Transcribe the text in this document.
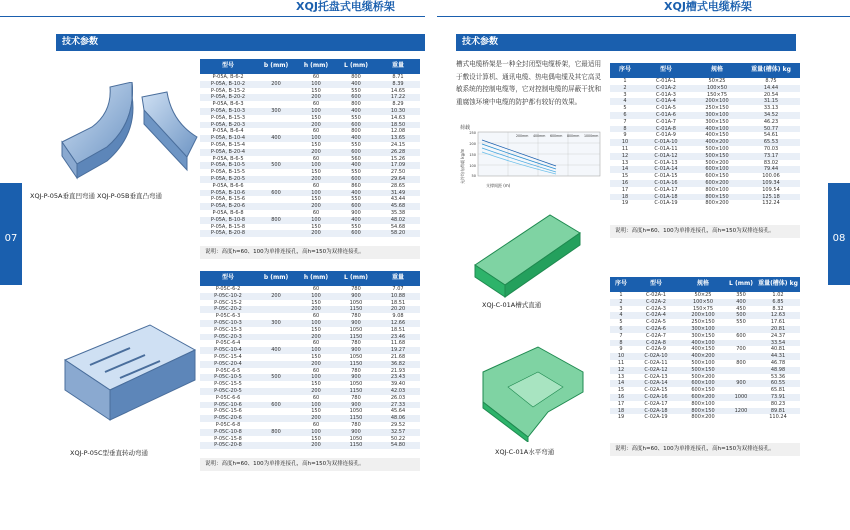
XQJ托盘式电缆桥架
技术参数
07
XQJ-P-05A垂直凹弯通 XQJ-P-05B垂直凸弯通
XQJ-P-05C型垂直转动弯通
型号	b (mm)	h (mm)	L (mm)	重量
P-05A, B-6-2		60	800	8.71
P-05A, B-10-2	200	100	400	8.39
P-05A, B-15-2		150	550	14.65
P-05A, B-20-2		200	600	17.22
P-05A, B-6-3		60	800	8.29
P-05A, B-10-3	300	100	400	10.30
P-05A, B-15-3		150	550	14.63
P-05A, B-20-3		200	600	18.50
P-05A, B-6-4		60	800	12.08
P-05A, B-10-4	400	100	400	13.65
P-05A, B-15-4		150	550	24.15
P-05A, B-20-4		200	600	26.28
P-05A, B-6-5		60	560	15.26
P-05A, B-10-5	500	100	400	17.09
P-05A, B-15-5		150	550	27.50
P-05A, B-20-5		200	600	29.64
P-05A, B-6-6		60	860	28.65
P-05A, B-10-6	600	100	400	31.49
P-05A, B-15-6		150	550	43.44
P-05A, B-20-6		200	600	45.68
P-05A, B-6-8		60	900	35.38
P-05A, B-10-8	800	100	400	48.02
P-05A, B-15-8		150	550	54.68
P-05A, B-20-8		200	600	58.20
说明：高度h=60、100为单排连接孔，高h=150为双排连接孔。
型号	b (mm)	h (mm)	L (mm)	重量
P-05C-6-2		60	780	7.07
P-05C-10-2	200	100	900	10.88
P-05C-15-2		150	1050	18.51
P-05C-20-2		200	1150	20.20
P-05C-6-3		60	780	9.08
P-05C-10-3	300	100	900	12.66
P-05C-15-3		150	1050	18.51
P-05C-20-3		200	1150	23.46
P-05C-6-4		60	780	11.68
P-05C-10-4	400	100	900	19.27
P-05C-15-4		150	1050	21.68
P-05C-20-4		200	1150	36.82
P-05C-6-5		60	780	21.93
P-05C-10-5	500	100	900	23.43
P-05C-15-5		150	1050	39.40
P-05C-20-5		200	1150	42.03
P-05C-6-6		60	780	26.03
P-05C-10-6	600	100	900	27.33
P-05C-15-6		150	1050	45.64
P-05C-20-6		200	1150	48.06
P-05C-6-8		60	780	29.52
P-05C-10-8	800	100	900	32.57
P-05C-15-8		150	1050	50.22
P-05C-20-8		200	1150	54.80
说明：高度h=60、100为单排连接孔，高h=150为双排连接孔。
XQJ槽式电缆桥架
技术参数
08
槽式电缆桥架是一种全封闭型电缆桥架，它最适用于敷设计算机、通讯电缆、热电偶电缆及其它高灵敏系统的控制电缆等，它对控制电缆的屏蔽干扰和重腐蚀环境中电缆的防护都有较好的效果。
荷载
允许均布荷载 kg/m
250
200
150
100
50
200mm 400mm 600mm 800mm 1000mm
支撑间距 (m)
XQJ-C-01A槽式直通
XQJ-C-01A水平弯通
序号	型号	规格	重量(槽体) kg
1	C-01A-1	50×25	8.75
2	C-01A-2	100×50	14.44
3	C-01A-3	150×75	20.54
4	C-01A-4	200×100	31.15
5	C-01A-5	250×150	33.13
6	C-01A-6	300×100	34.52
7	C-01A-7	300×150	46.23
8	C-01A-8	400×100	50.77
9	C-01A-9	400×150	54.61
10	C-01A-10	400×200	65.53
11	C-01A-11	500×100	70.03
12	C-01A-12	500×150	73.17
13	C-01A-13	500×200	83.02
14	C-01A-14	600×100	79.44
15	C-01A-15	600×150	100.06
16	C-01A-16	600×200	109.34
17	C-01A-17	800×100	109.54
18	C-01A-18	800×150	125.18
19	C-01A-19	800×200	132.24
说明：高度h=60、100为单排连接孔，高h=150为双排连接孔。
序号	型号	规格	L (mm)	重量(槽体) kg
1	C-02A-1	50×25	350	1.02
2	C-02A-2	100×50	400	6.85
3	C-02A-3	150×75	450	8.32
4	C-02A-4	200×100	500	12.63
5	C-02A-5	250×150	550	17.61
6	C-02A-6	300×100		20.81
7	C-02A-7	300×150	600	24.37
8	C-02A-8	400×100		33.54
9	C-02A-9	400×150	700	40.81
10	C-02A-10	400×200		44.31
11	C-02A-11	500×100	800	46.78
12	C-02A-12	500×150		48.98
13	C-02A-13	500×200		53.36
14	C-02A-14	600×100	900	60.55
15	C-02A-15	600×150		65.81
16	C-02A-16	600×200	1000	73.91
17	C-02A-17	800×100		80.23
18	C-02A-18	800×150	1200	89.81
19	C-02A-19	800×200		110.24
说明：高度h=60、100为单排连接孔，高h=150为双排连接孔。
